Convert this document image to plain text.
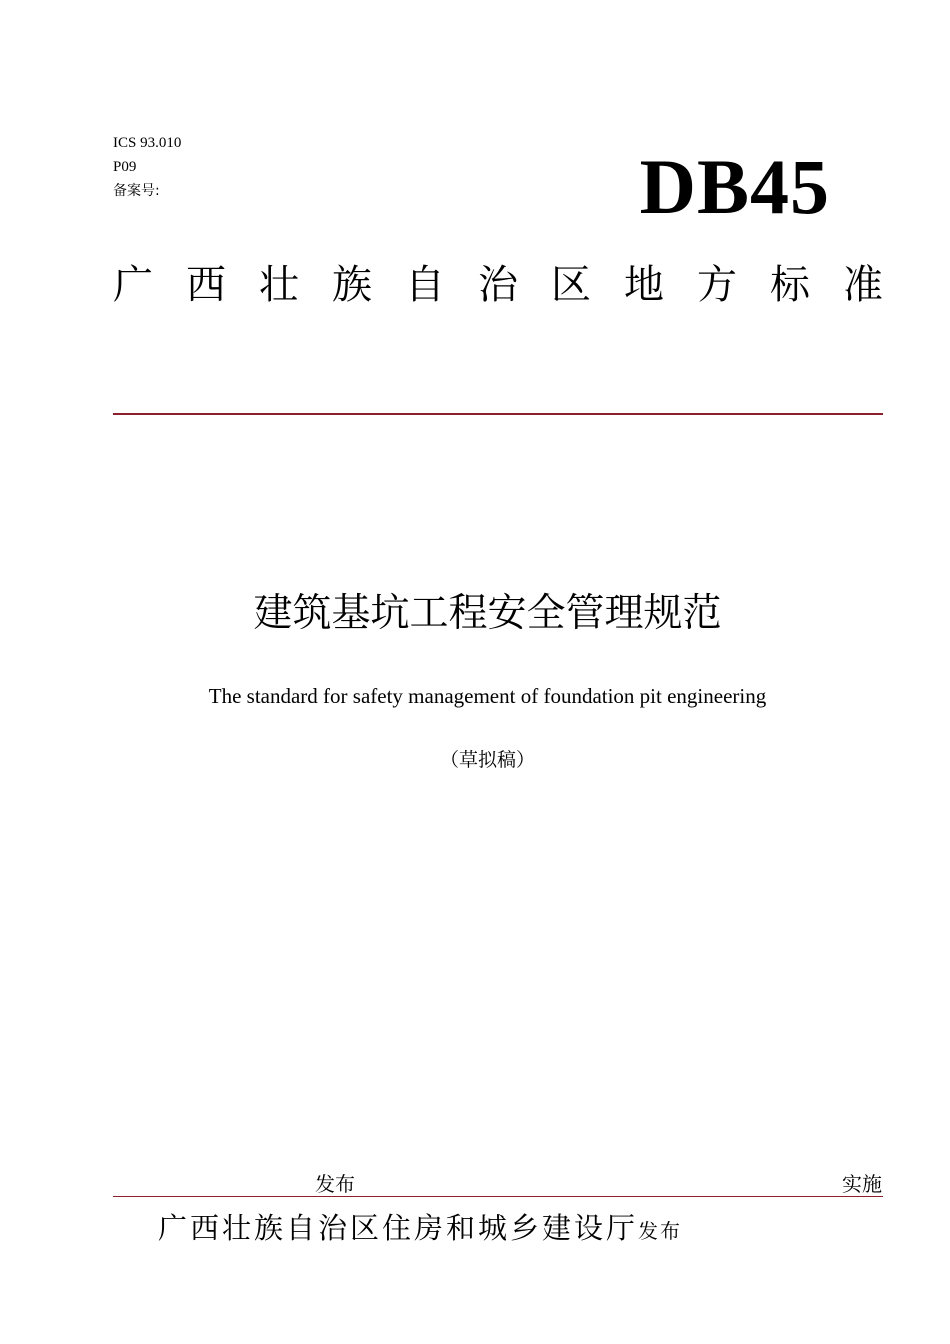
ICS 93.010
P09
备案号:	DB45
广西壮族自治区地方标准
建筑基坑工程安全管理规范
The standard for safety management of foundation pit engineering
（草拟稿）
发布	实施
广西壮族自治区住房和城乡建设厅发布
